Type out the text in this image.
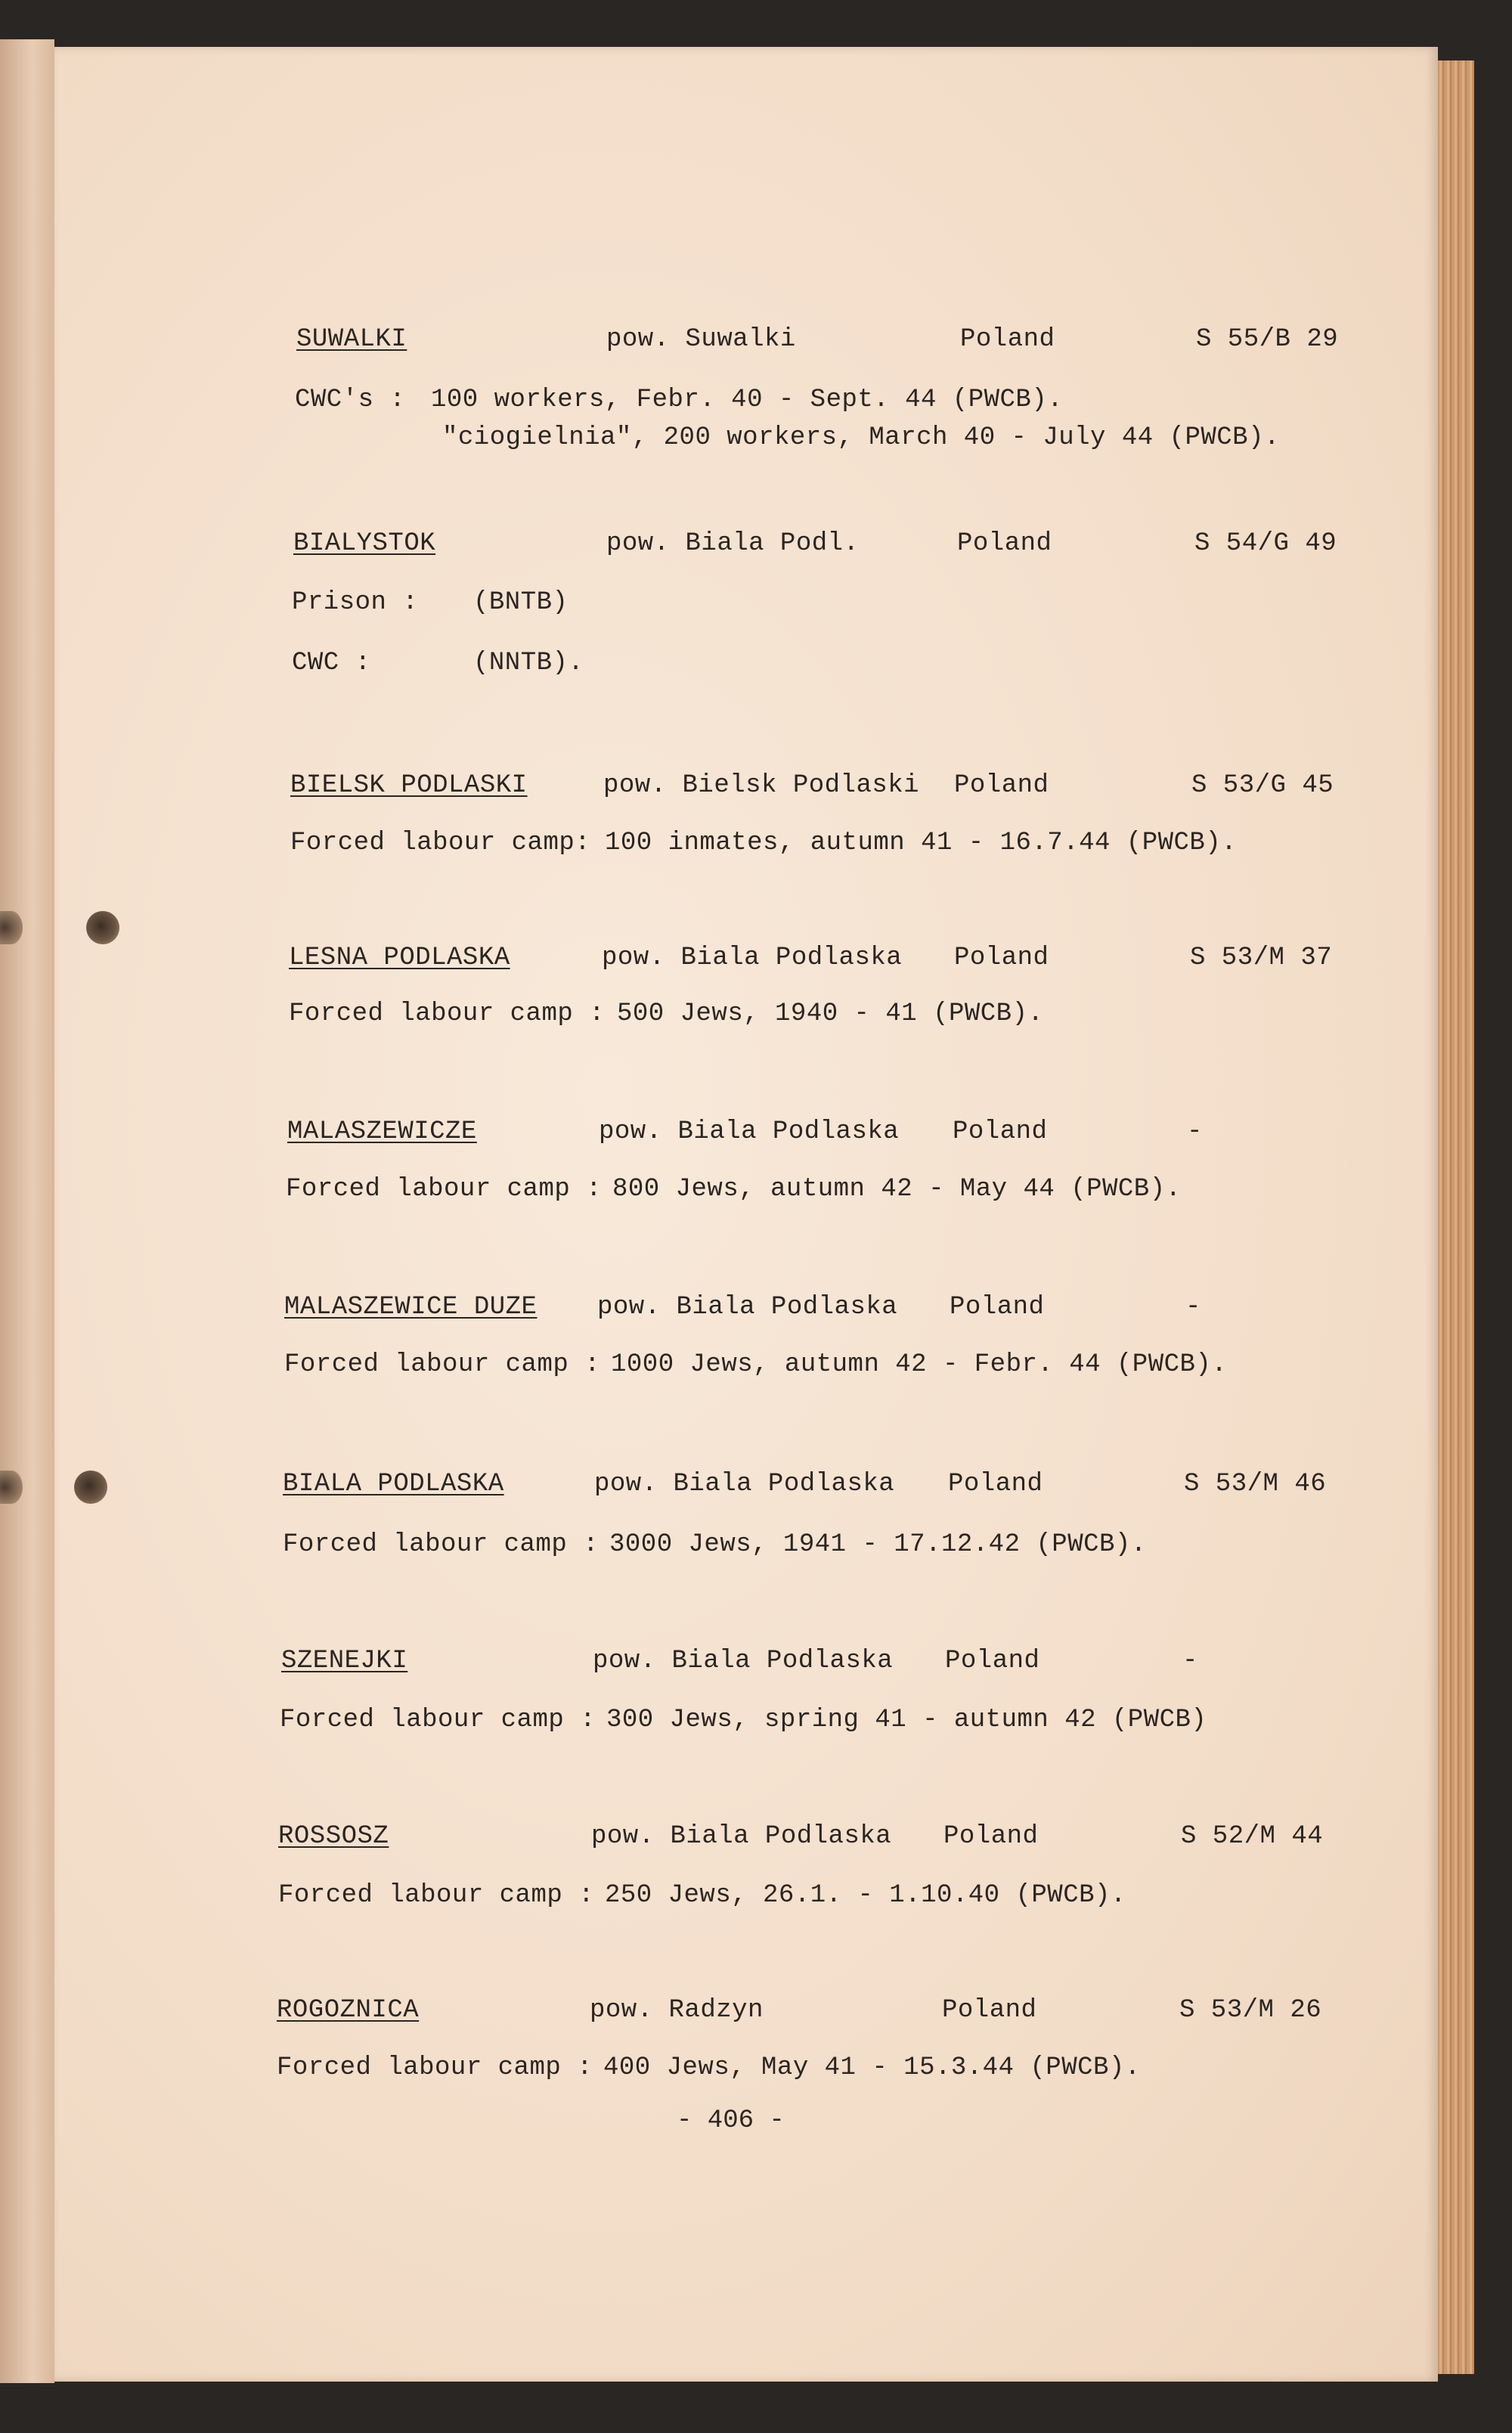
SUWALKI	pow. Suwalki	Poland	S 55/B 29
CWC's : 100 workers, Febr. 40 - Sept. 44 (PWCB).
"ciogielnia", 200 workers, March 40 - July 44 (PWCB).
BIALYSTOK	pow. Biala Podl.	Poland	S 54/G 49
Prison : (BNTB)
CWC :	(NNTB).
BIELSK PODLASKI	pow. Bielsk Podlaski Poland	S 53/G 45
Forced labour camp: 100 inmates, autumn 41 - 16.7.44 (PWCB).
LESNA PODLASKA	pow. Biala Podlaska Poland	S 53/M 37
Forced labour camp : 500 Jews, 1940 - 41 (PWCB).
MALASZEWICZE	pow. Biala Podlaska Poland	-
Forced labour camp : 800 Jews, autumn 42 - May 44 (PWCB).
MALASZEWICE DUZE pow. Biala Podlaska Poland	-
Forced labour camp : 1000 Jews, autumn 42 - Febr. 44 (PWCB).
BIALA PODLASKA	pow. Biala Podlaska Poland	S 53/M 46
Forced labour camp : 3000 Jews, 1941 - 17.12.42 (PWCB).
SZENEJKI	pow. Biala Podlaska Poland	-
Forced labour camp : 300 Jews, spring 41 - autumn 42 (PWCB)
ROSSOSZ	pow. Biala Podlaska Poland	S 52/M 44
Forced labour camp : 250 Jews, 26.1. - 1.10.40 (PWCB).
ROGOZNICA	pow. Radzyn	Poland	S 53/M 26
Forced labour camp : 400 Jews, May 41 - 15.3.44 (PWCB).
- 406 -
